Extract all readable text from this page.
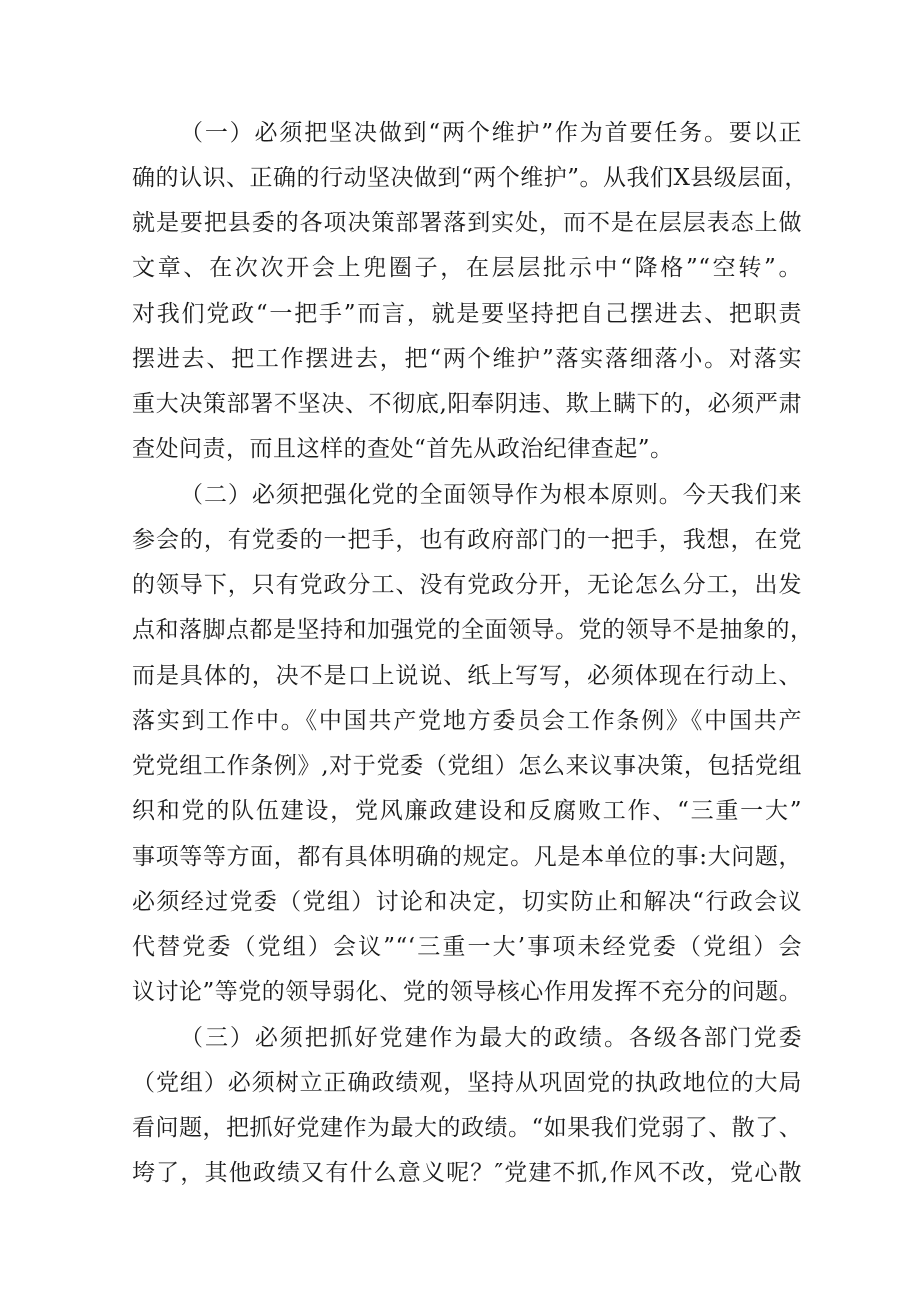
（一）必须把坚决做到“两个维护”作为首要任务。要以正
确的认识、正确的行动坚决做到“两个维护”。从我们X县级层面，
就是要把县委的各项决策部署落到实处，而不是在层层表态上做
文章、在次次开会上兜圈子，在层层批示中“降格”“空转”。
对我们党政“一把手”而言，就是要坚持把自己摆进去、把职责
摆进去、把工作摆进去，把“两个维护”落实落细落小。对落实
重大决策部署不坚决、不彻底,阳奉阴违、欺上瞒下的，必须严肃
查处问责，而且这样的查处“首先从政治纪律查起”。
（二）必须把强化党的全面领导作为根本原则。今天我们来
参会的，有党委的一把手，也有政府部门的一把手，我想，在党
的领导下，只有党政分工、没有党政分开，无论怎么分工，出发
点和落脚点都是坚持和加强党的全面领导。党的领导不是抽象的，
而是具体的，决不是口上说说、纸上写写，必须体现在行动上、
落实到工作中。《中国共产党地方委员会工作条例》《中国共产
党党组工作条例》,对于党委（党组）怎么来议事决策，包括党组
织和党的队伍建设，党风廉政建设和反腐败工作、“三重一大”
事项等等方面，都有具体明确的规定。凡是本单位的事:大问题，
必须经过党委（党组）讨论和决定，切实防止和解决“行政会议
代替党委（党组）会议”“‘三重一大’事项未经党委（党组）会
议讨论”等党的领导弱化、党的领导核心作用发挥不充分的问题。
（三）必须把抓好党建作为最大的政绩。各级各部门党委
（党组）必须树立正确政绩观，坚持从巩固党的执政地位的大局
看问题，把抓好党建作为最大的政绩。“如果我们党弱了、散了、
垮了，其他政绩又有什么意义呢？″党建不抓,作风不改，党心散
